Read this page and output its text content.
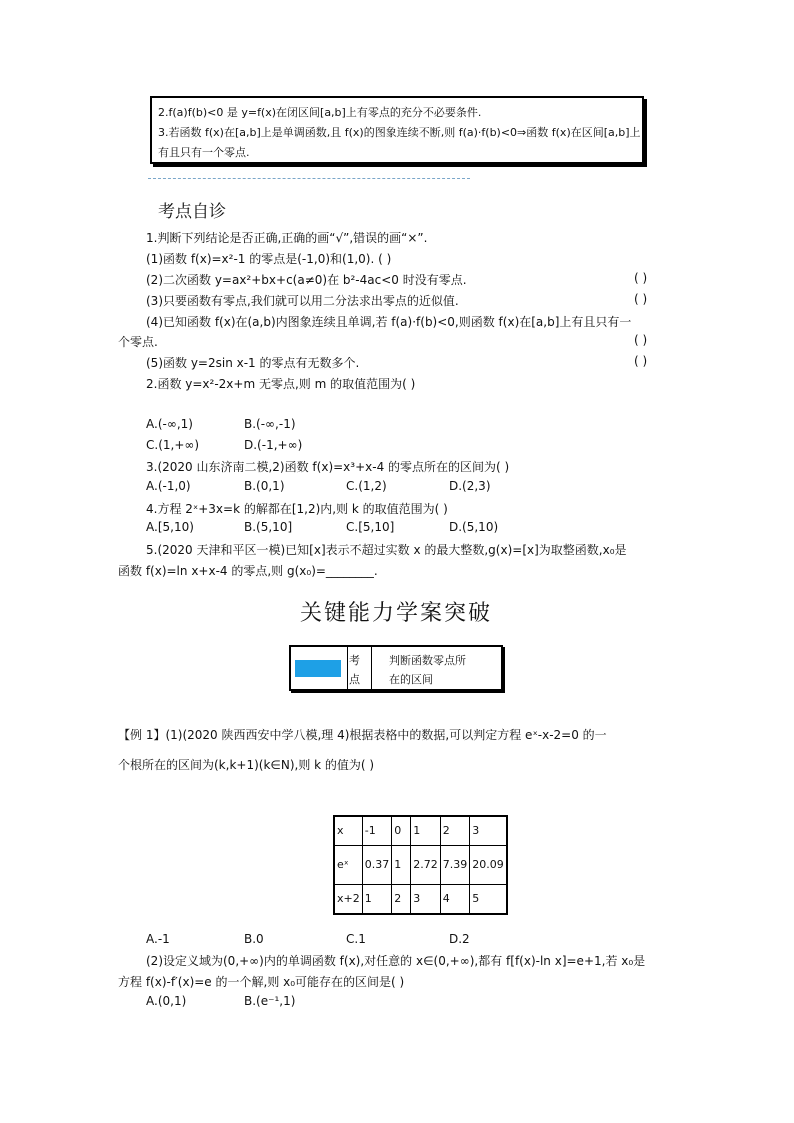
2.f(a)f(b)<0 是 y=f(x)在闭区间[a,b]上有零点的充分不必要条件.
3.若函数 f(x)在[a,b]上是单调函数,且 f(x)的图象连续不断,则 f(a)·f(b)<0⇒函数 f(x)在区间[a,b]上
有且只有一个零点.
考点自诊
1.判断下列结论是否正确,正确的画“√”,错误的画“×”.
(1)函数 f(x)=x²-1 的零点是(-1,0)和(1,0). ( )
(2)二次函数 y=ax²+bx+c(a≠0)在 b²-4ac<0 时没有零点.	( )
(3)只要函数有零点,我们就可以用二分法求出零点的近似值.	( )
(4)已知函数 f(x)在(a,b)内图象连续且单调,若 f(a)·f(b)<0,则函数 f(x)在[a,b]上有且只有一
个零点.	( )
(5)函数 y=2sin x-1 的零点有无数多个.	( )
2.函数 y=x²-2x+m 无零点,则 m 的取值范围为( )
A.(-∞,1)	B.(-∞,-1)
C.(1,+∞)	D.(-1,+∞)
3.(2020 山东济南二模,2)函数 f(x)=x³+x-4 的零点所在的区间为( )
A.(-1,0)	B.(0,1)	C.(1,2)	D.(2,3)
4.方程 2ˣ+3x=k 的解都在[1,2)内,则 k 的取值范围为( )
A.[5,10)	B.(5,10]	C.[5,10]	D.(5,10)
5.(2020 天津和平区一模)已知[x]表示不超过实数 x 的最大整数,g(x)=[x]为取整函数,x₀是
函数 f(x)=ln x+x-4 的零点,则 g(x₀)=________.
关键能力学案突破
考
点
判断函数零点所
在的区间
【例 1】(1)(2020 陕西西安中学八模,理 4)根据表格中的数据,可以判定方程 eˣ-x-2=0 的一
个根所在的区间为(k,k+1)(k∈N),则 k 的值为( )
x	-1	0	1	2	3
eˣ	0.37	1	2.72	7.39	20.09
x+2	1	2	3	4	5
A.-1	B.0	C.1	D.2
(2)设定义域为(0,+∞)内的单调函数 f(x),对任意的 x∈(0,+∞),都有 f[f(x)-ln x]=e+1,若 x₀是
方程 f(x)-f′(x)=e 的一个解,则 x₀可能存在的区间是( )
A.(0,1)	B.(e⁻¹,1)
